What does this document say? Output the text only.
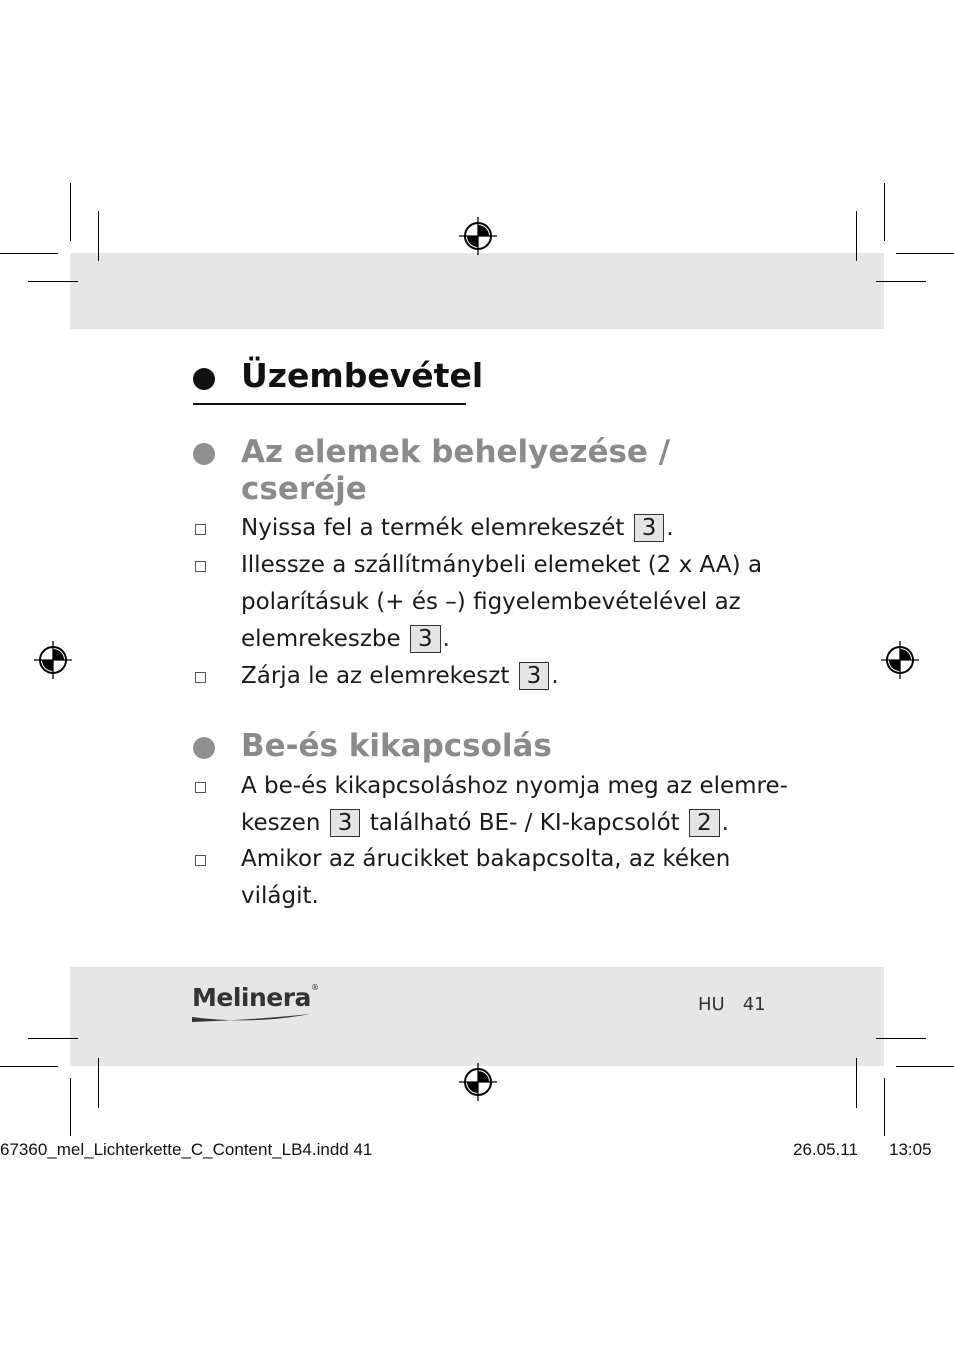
Üzembevétel
Az elemek behelyezése / cseréje
Nyissa fel a termék elemrekeszét 3 .
Illessze a szállítmánybeli elemeket (2 x AA) a polarításuk (+ és –) figyelembevételével az elemrekeszbe 3 .
Zárja le az elemrekeszt 3 .
Be-és kikapcsolás
A be-és kikapcsoláshoz nyomja meg az elemre-
keszen 3 található BE- / KI-kapcsolót 2 .
Amikor az árucikket bakapcsolta, az kéken világit.
Melinera®
HU 41
67360_mel_Lichterkette_C_Content_LB4.indd 41	26.05.11 13:05
